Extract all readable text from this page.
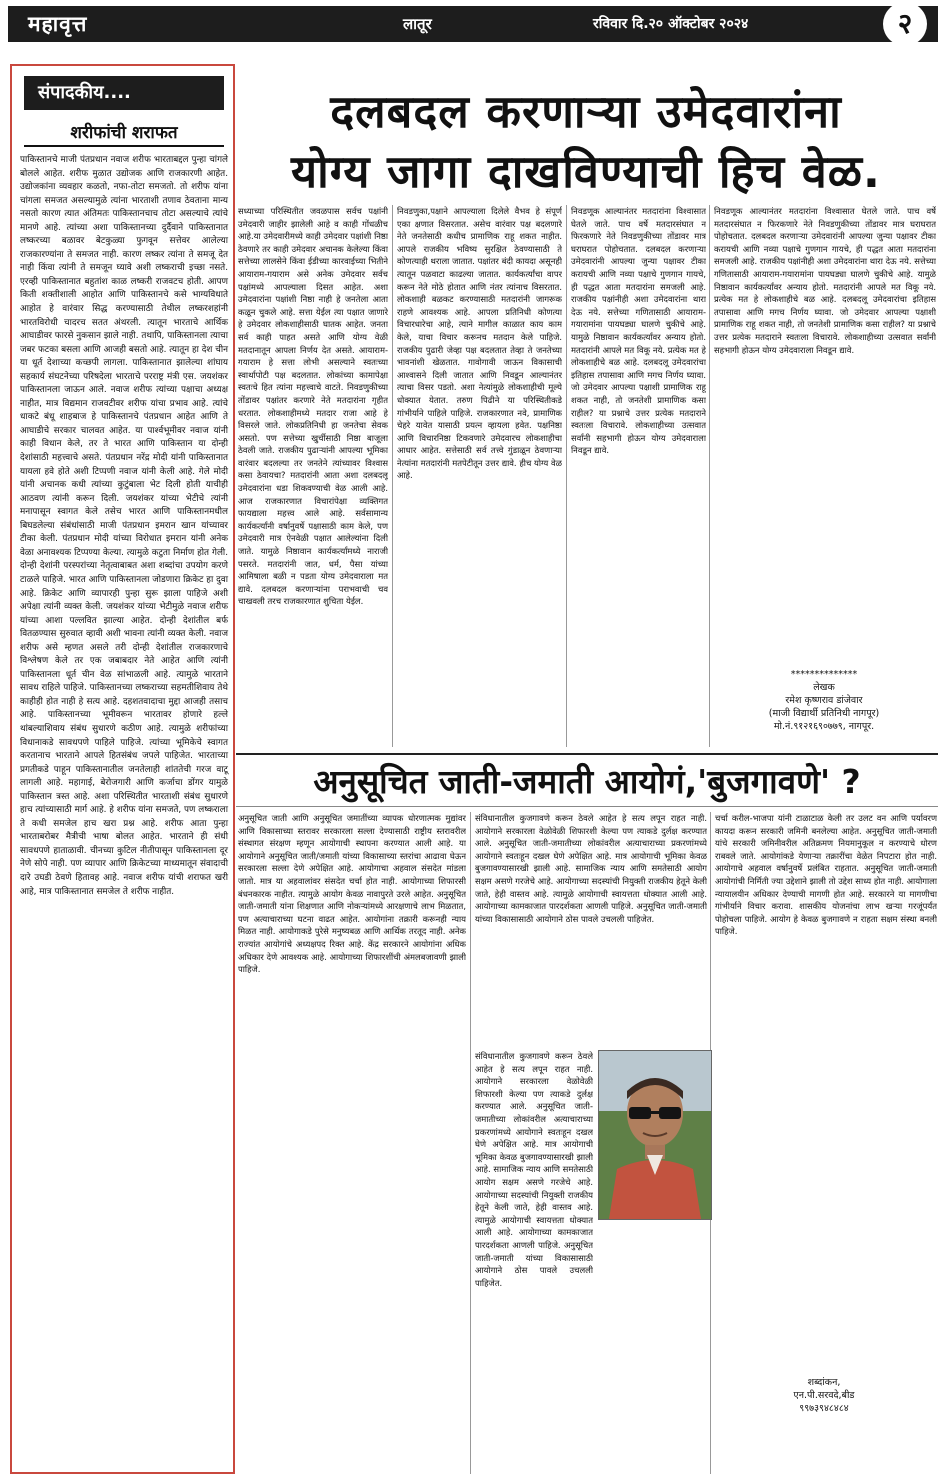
महावृत्त	लातूर	रविवार दि.२० ऑक्टोबर २०२४	२
संपादकीय....
शरीफांची शराफत
पाकिस्तानचे माजी पंतप्रधान नवाज शरीफ भारताबद्दल पुन्हा चांगले बोलले आहेत. शरीफ मुळात उद्योजक आणि राजकारणी आहेत. उद्योजकांना व्यवहार कळतो, नफा-तोटा समजतो. तो शरीफ यांना चांगला समजत असल्यामुळे त्यांना भारताशी तणाव ठेवताना मान्य नसतो कारण त्यात अंतिमतः पाकिस्तानचाच तोटा असल्याचे त्यांचे मानणे आहे. त्यांच्या अशा पाकिस्तानच्या दुर्दैवाने पाकिस्तानात लष्करच्या बळावर बेटकुळ्या फुगवून सत्तेवर आलेल्या राजकारण्यांना ते समजत नाही. कारण लष्कर त्यांना ते समजू देत नाही किंवा त्यांनी ते समजून घ्यावे अशी लष्कराची इच्छा नसते. एरव्ही पाकिस्तानात बहुतांश काळ लष्करी राजवटच होती. आपण किती शक्तीशाली आहोत आणि पाकिस्तानचे कसे भाग्यविधाते आहोत हे वारंवार सिद्ध करण्यासाठी तेथील लष्करशहांनी भारतविरोधी चादरच सतत अंथरली. त्यातून भारताचे आर्थिक आघाडीवर फारसे नुकसान झाले नाही. तथापि, पाकिस्तानला त्याचा जबर फटका बसला आणि आजही बसतो आहे. त्यातून हा देश चीन या धूर्त देशाच्या कच्छपी लागला. पाकिस्तानात झालेल्या शांघाय सहकार्य संघटनेच्या परिषदेला भारताचे परराष्ट्र मंत्री एस. जयशंकर पाकिस्तानला जाऊन आले. नवाज शरीफ त्यांच्या पक्षाचा अध्यक्ष नाहीत, मात्र विद्यमान राजवटीवर शरीफ यांचा प्रभाव आहे. त्यांचे धाकटे बंधू शाहबाज हे पाकिस्तानचे पंतप्रधान आहेत आणि ते आघाडीचे सरकार चालवत आहेत. या पार्श्वभूमीवर नवाज यांनी काही विधान केले, तर ते भारत आणि पाकिस्तान या दोन्ही देशांसाठी महत्त्वाचे असते. पंतप्रधान नरेंद्र मोदी यांनी पाकिस्तानात यायला हवे होते अशी टिप्पणी नवाज यांनी केली आहे. गेले मोदी यांनी अचानक कधी त्यांच्या कुटुंबाला भेट दिली होती याचीही आठवण त्यांनी करून दिली. जयशंकर यांच्या भेटीचे त्यांनी मनापासून स्वागत केले तसेच भारत आणि पाकिस्तानमधील बिघडलेल्या संबंधांसाठी माजी पंतप्रधान इमरान खान यांच्यावर टीका केली. पंतप्रधान मोदी यांच्या विरोधात इमरान यांनी अनेक वेळा अनावश्यक टिप्पण्या केल्या. त्यामुळे कटुता निर्माण होत गेली. दोन्ही देशांनी परस्परांच्या नेतृत्वाबाबत अशा शब्दांचा उपयोग करणे टाळले पाहिजे. भारत आणि पाकिस्तानला जोडणारा क्रिकेट हा दुवा आहे. क्रिकेट आणि व्यापारही पुन्हा सुरू झाला पाहिजे अशी अपेक्षा त्यांनी व्यक्त केली. जयशंकर यांच्या भेटीमुळे नवाज शरीफ यांच्या आशा पल्लवित झाल्या आहेत. दोन्ही देशांतील बर्फ वितळण्यास सुरुवात व्हावी अशी भावना त्यांनी व्यक्त केली. नवाज शरीफ असे म्हणत असले तरी दोन्ही देशांतील राजकारणाचे विश्लेषण केले तर एक जबाबदार नेते आहेत आणि त्यांनी पाकिस्तानला धूर्त चीन वेळ सांभाळली आहे. त्यामुळे भारताने सावध राहिले पाहिजे. पाकिस्तानच्या लष्कराच्या सहमतीशिवाय तेथे काहीही होत नाही हे सत्य आहे. दहशतवादाचा मुद्दा आजही तसाच आहे. पाकिस्तानच्या भूमीवरून भारतावर होणारे हल्ले थांबल्याशिवाय संबंध सुधारणे कठीण आहे. त्यामुळे शरीफांच्या विधानाकडे सावधपणे पाहिले पाहिजे. त्यांच्या भूमिकेचे स्वागत करतानाच भारताने आपले हितसंबंध जपले पाहिजेत. भारताच्या प्रगतीकडे पाहून पाकिस्तानातील जनतेलाही शांततेची गरज वाटू लागली आहे. महागाई, बेरोजगारी आणि कर्जाचा डोंगर यामुळे पाकिस्तान त्रस्त आहे. अशा परिस्थितीत भारताशी संबंध सुधारणे हाच त्यांच्यासाठी मार्ग आहे. हे शरीफ यांना समजते, पण लष्कराला ते कधी समजेल हाच खरा प्रश्न आहे. शरीफ आता पुन्हा भारताबरोबर मैत्रीची भाषा बोलत आहेत. भारताने ही संधी सावधपणे हाताळावी. चीनच्या कुटिल नीतीपासून पाकिस्तानला दूर नेणे सोपे नाही. पण व्यापार आणि क्रिकेटच्या माध्यमातून संवादाची दारे उघडी ठेवणे हितावह आहे. नवाज शरीफ यांची शराफत खरी आहे, मात्र पाकिस्तानात समजेल ते शरीफ नाहीत.
दलबदल करणाऱ्या उमेदवारांना
योग्य जागा दाखविण्याची हिच वेळ.
सध्याच्या परिस्थितीत जवळपास सर्वच पक्षांनी उमेदवारी जाहीर झालेली आहे व काही गोंधळीच आहे.या उमेदवारीमध्ये काही उमेदवार पक्षांशी निष्ठा ठेवणारे तर काही उमेदवार अचानक केलेल्या किंवा सत्तेच्या लालसेने किंवा ईडीच्या कारवाईच्या भितीने आयाराम-गयाराम असे अनेक उमेदवार सर्वच पक्षांमध्ये आपल्याला दिसत आहेत. अशा उमेदवारांना पक्षांशी निष्ठा नाही हे जनतेला आता कळून चुकले आहे. सत्ता येईल त्या पक्षात जाणारे हे उमेदवार लोकशाहीसाठी घातक आहेत. जनता सर्व काही पाहत असते आणि योग्य वेळी मतदानातून आपला निर्णय देत असते. आयाराम-गयाराम हे सत्ता लोभी असल्याने स्वतःच्या स्वार्थापोटी पक्ष बदलतात. लोकांच्या कामापेक्षा स्वतःचे हित त्यांना महत्त्वाचे वाटते. निवडणुकीच्या तोंडावर पक्षांतर करणारे नेते मतदारांना गृहीत धरतात. लोकशाहीमध्ये मतदार राजा आहे हे विसरले जाते. लोकप्रतिनिधी हा जनतेचा सेवक असतो. पण सत्तेच्या खुर्चीसाठी निष्ठा बाजूला ठेवली जाते. राजकीय पुढाऱ्यांनी आपल्या भूमिका वारंवार बदलल्या तर जनतेने त्यांच्यावर विश्वास कसा ठेवायचा? मतदारांनी आता अशा दलबदलू उमेदवारांना धडा शिकवण्याची वेळ आली आहे. आज राजकारणात विचारांपेक्षा व्यक्तिगत फायद्याला महत्त्व आले आहे. सर्वसामान्य कार्यकर्त्यांनी वर्षानुवर्षे पक्षासाठी काम केले, पण उमेदवारी मात्र ऐनवेळी पक्षात आलेल्यांना दिली जाते. यामुळे निष्ठावान कार्यकर्त्यांमध्ये नाराजी पसरते. मतदारांनी जात, धर्म, पैसा यांच्या आमिषाला बळी न पडता योग्य उमेदवाराला मत द्यावे. दलबदल करणाऱ्यांना पराभवाची चव चाखवली तरच राजकारणात शुचिता येईल.
निवडणुका,पक्षाने आपल्याला दिलेले वैभव हे संपूर्ण एका क्षणात विसरतात. असेच वारंवार पक्ष बदलणारे नेते जनतेसाठी कधीच प्रामाणिक राहू शकत नाहीत. आपले राजकीय भविष्य सुरक्षित ठेवण्यासाठी ते कोणत्याही थराला जातात. पक्षांतर बंदी कायदा असूनही त्यातून पळवाटा काढल्या जातात. कार्यकर्त्यांचा वापर करून नेते मोठे होतात आणि नंतर त्यांनाच विसरतात. लोकशाही बळकट करण्यासाठी मतदारांनी जागरूक राहणे आवश्यक आहे. आपला प्रतिनिधी कोणत्या विचारधारेचा आहे, त्याने मागील काळात काय काम केले, याचा विचार करूनच मतदान केले पाहिजे. राजकीय पुढारी जेव्हा पक्ष बदलतात तेव्हा ते जनतेच्या भावनांशी खेळतात. गावोगावी जाऊन विकासाची आश्वासने दिली जातात आणि निवडून आल्यानंतर त्याचा विसर पडतो. अशा नेत्यांमुळे लोकशाहीची मूल्ये धोक्यात येतात. तरुण पिढीने या परिस्थितीकडे गांभीर्याने पाहिले पाहिजे. राजकारणात नवे, प्रामाणिक चेहरे यावेत यासाठी प्रयत्न व्हायला हवेत. पक्षनिष्ठा आणि विचारनिष्ठा टिकवणारे उमेदवारच लोकशाहीचा आधार आहेत. सत्तेसाठी सर्व तत्त्वे गुंडाळून ठेवणाऱ्या नेत्यांना मतदारांनी मतपेटीतून उत्तर द्यावे. हीच योग्य वेळ आहे.
निवडणूक आल्यानंतर मतदारांना विश्वासात घेतले जाते. पाच वर्षे मतदारसंघात न फिरकणारे नेते निवडणुकीच्या तोंडावर मात्र घराघरात पोहोचतात. दलबदल करणाऱ्या उमेदवारांनी आपल्या जुन्या पक्षावर टीका करायची आणि नव्या पक्षाचे गुणगान गायचे, ही पद्धत आता मतदारांना समजली आहे. राजकीय पक्षांनीही अशा उमेदवारांना थारा देऊ नये. सत्तेच्या गणितासाठी आयाराम-गयारामांना पायघड्या घालणे चुकीचे आहे. यामुळे निष्ठावान कार्यकर्त्यांवर अन्याय होतो. मतदारांनी आपले मत विकू नये. प्रत्येक मत हे लोकशाहीचे बळ आहे. दलबदलू उमेदवारांचा इतिहास तपासावा आणि मगच निर्णय घ्यावा. जो उमेदवार आपल्या पक्षाशी प्रामाणिक राहू शकत नाही, तो जनतेशी प्रामाणिक कसा राहील? या प्रश्नाचे उत्तर प्रत्येक मतदाराने स्वतःला विचारावे. लोकशाहीच्या उत्सवात सर्वांनी सहभागी होऊन योग्य उमेदवाराला निवडून द्यावे.
निवडणूक आल्यानंतर मतदारांना विश्वासात घेतले जाते. पाच वर्षे मतदारसंघात न फिरकणारे नेते निवडणुकीच्या तोंडावर मात्र घराघरात पोहोचतात. दलबदल करणाऱ्या उमेदवारांनी आपल्या जुन्या पक्षावर टीका करायची आणि नव्या पक्षाचे गुणगान गायचे, ही पद्धत आता मतदारांना समजली आहे. राजकीय पक्षांनीही अशा उमेदवारांना थारा देऊ नये. सत्तेच्या गणितासाठी आयाराम-गयारामांना पायघड्या घालणे चुकीचे आहे. यामुळे निष्ठावान कार्यकर्त्यांवर अन्याय होतो. मतदारांनी आपले मत विकू नये. प्रत्येक मत हे लोकशाहीचे बळ आहे. दलबदलू उमेदवारांचा इतिहास तपासावा आणि मगच निर्णय घ्यावा. जो उमेदवार आपल्या पक्षाशी प्रामाणिक राहू शकत नाही, तो जनतेशी प्रामाणिक कसा राहील? या प्रश्नाचे उत्तर प्रत्येक मतदाराने स्वतःला विचारावे. लोकशाहीच्या उत्सवात सर्वांनी सहभागी होऊन योग्य उमेदवाराला निवडून द्यावे.
**************
लेखक
रमेश कृष्णराव डांजेवार
(माजी विद्यार्थी प्रतिनिधी नागपूर)
मो.नं.९१२१६९०७७९, नागपूर.
अनुसूचित जाती-जमाती आयोगं,'बुजगावणे' ?
अनुसूचित जाती आणि अनुसूचित जमातींच्या व्यापक धोरणात्मक मुद्यांवर आणि विकासाच्या स्तरावर सरकारला सल्ला देण्यासाठी राष्ट्रीय स्तरावरील संस्थागत संरक्षण म्हणून आयोगाची स्थापना करण्यात आली आहे. या आयोगाने अनुसूचित जाती/जमाती यांच्या विकासाच्या स्तरांचा आढावा घेऊन सरकारला सल्ला देणे अपेक्षित आहे. आयोगाचा अहवाल संसदेत मांडला जातो. मात्र या अहवालांवर संसदेत चर्चा होत नाही. आयोगाच्या शिफारसी बंधनकारक नाहीत. त्यामुळे आयोग केवळ नावापुरते उरले आहेत. अनुसूचित जाती-जमाती यांना शिक्षणात आणि नोकऱ्यांमध्ये आरक्षणाचे लाभ मिळतात, पण अत्याचाराच्या घटना वाढत आहेत. आयोगांना तक्रारी करूनही न्याय मिळत नाही. आयोगाकडे पुरेसे मनुष्यबळ आणि आर्थिक तरतूद नाही. अनेक राज्यांत आयोगांचे अध्यक्षपद रिक्त आहे. केंद्र सरकारने आयोगांना अधिक अधिकार देणे आवश्यक आहे. आयोगाच्या शिफारशींची अंमलबजावणी झाली पाहिजे.
संविधानातील कुजगावणे करून ठेवले आहेत हे सत्य लपून राहत नाही. आयोगाने सरकारला वेळोवेळी शिफारशी केल्या पण त्याकडे दुर्लक्ष करण्यात आले. अनुसूचित जाती-जमातीच्या लोकांवरील अत्याचाराच्या प्रकरणांमध्ये आयोगाने स्वतःहून दखल घेणे अपेक्षित आहे. मात्र आयोगाची भूमिका केवळ बुजगावण्यासारखी झाली आहे. सामाजिक न्याय आणि समतेसाठी आयोग सक्षम असणे गरजेचे आहे. आयोगाच्या सदस्यांची नियुक्ती राजकीय हेतूने केली जाते, हेही वास्तव आहे. त्यामुळे आयोगाची स्वायत्तता धोक्यात आली आहे. आयोगाच्या कामकाजात पारदर्शकता आणली पाहिजे. अनुसूचित जाती-जमाती यांच्या विकासासाठी आयोगाने ठोस पावले उचलली पाहिजेत.
संविधानातील कुजगावणे करून ठेवले आहेत हे सत्य लपून राहत नाही. आयोगाने सरकारला वेळोवेळी शिफारशी केल्या पण त्याकडे दुर्लक्ष करण्यात आले. अनुसूचित जाती-जमातीच्या लोकांवरील अत्याचाराच्या प्रकरणांमध्ये आयोगाने स्वतःहून दखल घेणे अपेक्षित आहे. मात्र आयोगाची भूमिका केवळ बुजगावण्यासारखी झाली आहे. सामाजिक न्याय आणि समतेसाठी आयोग सक्षम असणे गरजेचे आहे. आयोगाच्या सदस्यांची नियुक्ती राजकीय हेतूने केली जाते, हेही वास्तव आहे. त्यामुळे आयोगाची स्वायत्तता धोक्यात आली आहे. आयोगाच्या कामकाजात पारदर्शकता आणली पाहिजे. अनुसूचित जाती-जमाती यांच्या विकासासाठी आयोगाने ठोस पावले उचलली पाहिजेत.
चर्चा करील-भाजपा यांनी टाळाटाळ केली तर उलट वन आणि पर्यावरण कायदा करून सरकारी जमिनी बनलेल्या आहेत. अनुसूचित जाती-जमाती यांचे सरकारी जमिनीवरील अतिक्रमण नियमानुकूल न करण्याचे धोरण राबवले जाते. आयोगांकडे येणाऱ्या तक्रारींचा वेळेत निपटारा होत नाही. आयोगाचे अहवाल वर्षानुवर्षे प्रलंबित राहतात. अनुसूचित जाती-जमाती आयोगांची निर्मिती ज्या उद्देशाने झाली तो उद्देश साध्य होत नाही. आयोगाला न्यायालयीन अधिकार देण्याची मागणी होत आहे. सरकारने या मागणीचा गांभीर्याने विचार करावा. शासकीय योजनांचा लाभ खऱ्या गरजूंपर्यंत पोहोचला पाहिजे. आयोग हे केवळ बुजगावणे न राहता सक्षम संस्था बनली पाहिजे.
शब्दांकन,
एन.पी.सरवदे,बीड
९९७३९४८४८४
